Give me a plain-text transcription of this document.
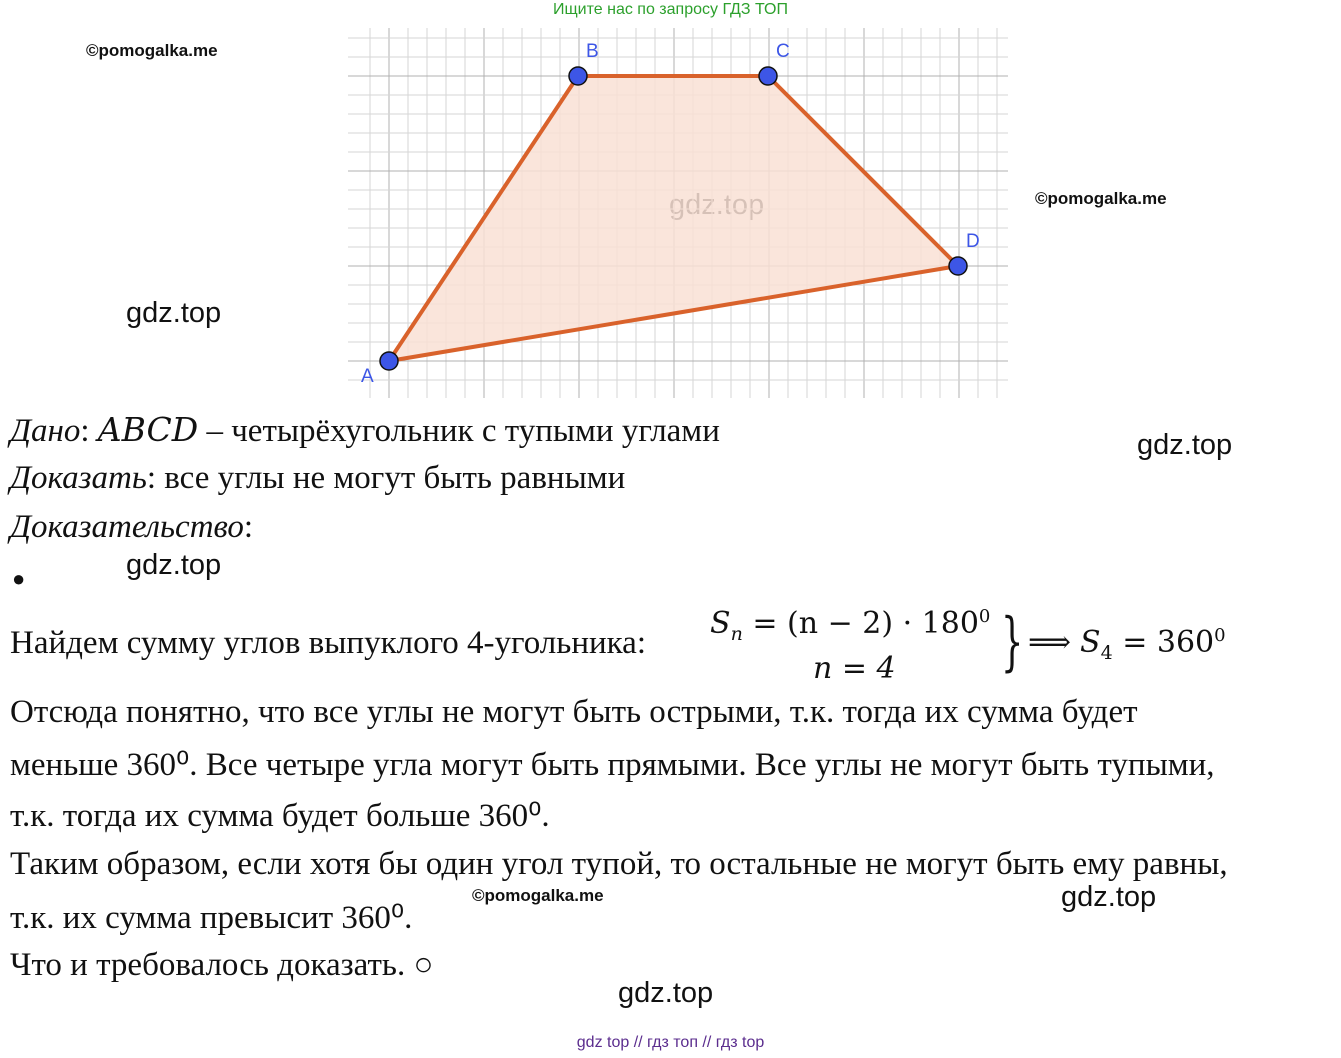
Ищите нас по запросу ГДЗ ТОП
©pomogalka.me
©pomogalka.me
©pomogalka.me
gdz.top
gdz.top
gdz.top
gdz.top
gdz.top
A
B	C
D
Дано: ABCD – четырёхугольник с тупыми углами
Доказать: все углы не могут быть равными
Доказательство:
●
Найдем сумму углов выпуклого 4-угольника:
$S_n = (n - 2) \cdot 180^0$
n = 4 } ⟹ $S_4 = 360^0$
Отсюда понятно, что все углы не могут быть острыми, т.к. тогда их сумма будет
меньше 360⁰. Все четыре угла могут быть прямыми. Все углы не могут быть тупыми,
т.к. тогда их сумма будет больше 360⁰.
Таким образом, если хотя бы один угол тупой, то остальные не могут быть ему равны,
т.к. их сумма превысит 360⁰.
Что и требовалось доказать. ○
gdz top // гдз топ // гдз top
